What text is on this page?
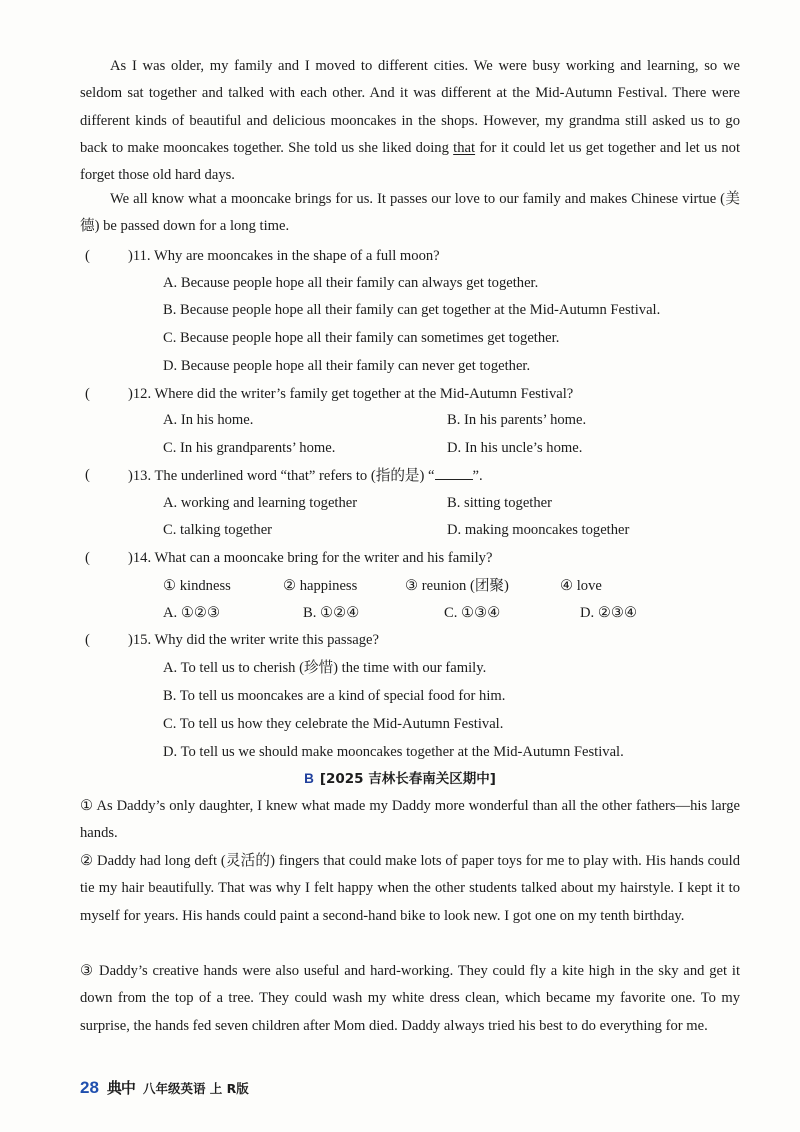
As I was older, my family and I moved to different cities. We were busy working and learning, so we seldom sat together and talked with each other. And it was different at the Mid-Autumn Festival. There were different kinds of beautiful and delicious mooncakes in the shops. However, my grandma still asked us to go back to make mooncakes together. She told us she liked doing that for it could let us get together and let us not forget those old hard days.
We all know what a mooncake brings for us. It passes our love to our family and makes Chinese virtue (美德) be passed down for a long time.
(	)11. Why are mooncakes in the shape of a full moon?
A. Because people hope all their family can always get together.
B. Because people hope all their family can get together at the Mid-Autumn Festival.
C. Because people hope all their family can sometimes get together.
D. Because people hope all their family can never get together.
(	)12. Where did the writer’s family get together at the Mid-Autumn Festival?
A. In his home.	B. In his parents’ home.
C. In his grandparents’ home.	D. In his uncle’s home.
(	)13. The underlined word “that” refers to (指的是) “	”.
A. working and learning together	B. sitting together
C. talking together	D. making mooncakes together
(	)14. What can a mooncake bring for the writer and his family?
① kindness	② happiness	③ reunion (团聚)	④ love
A. ①②③	B. ①②④	C. ①③④	D. ②③④
(	)15. Why did the writer write this passage?
A. To tell us to cherish (珍惜) the time with our family.
B. To tell us mooncakes are a kind of special food for him.
C. To tell us how they celebrate the Mid-Autumn Festival.
D. To tell us we should make mooncakes together at the Mid-Autumn Festival.
B [2025 吉林长春南关区期中]
① As Daddy’s only daughter, I knew what made my Daddy more wonderful than all the other fathers—his large hands.
② Daddy had long deft (灵活的) fingers that could make lots of paper toys for me to play with. His hands could tie my hair beautifully. That was why I felt happy when the other students talked about my hairstyle. I kept it to myself for years. His hands could paint a second-hand bike to look new. I got one on my tenth birthday.
③ Daddy’s creative hands were also useful and hard-working. They could fly a kite high in the sky and get it down from the top of a tree. They could wash my white dress clean, which became my favorite one. To my surprise, the hands fed seven children after Mom died. Daddy always tried his best to do everything for me.
28 典中 八年级英语 上 R版
